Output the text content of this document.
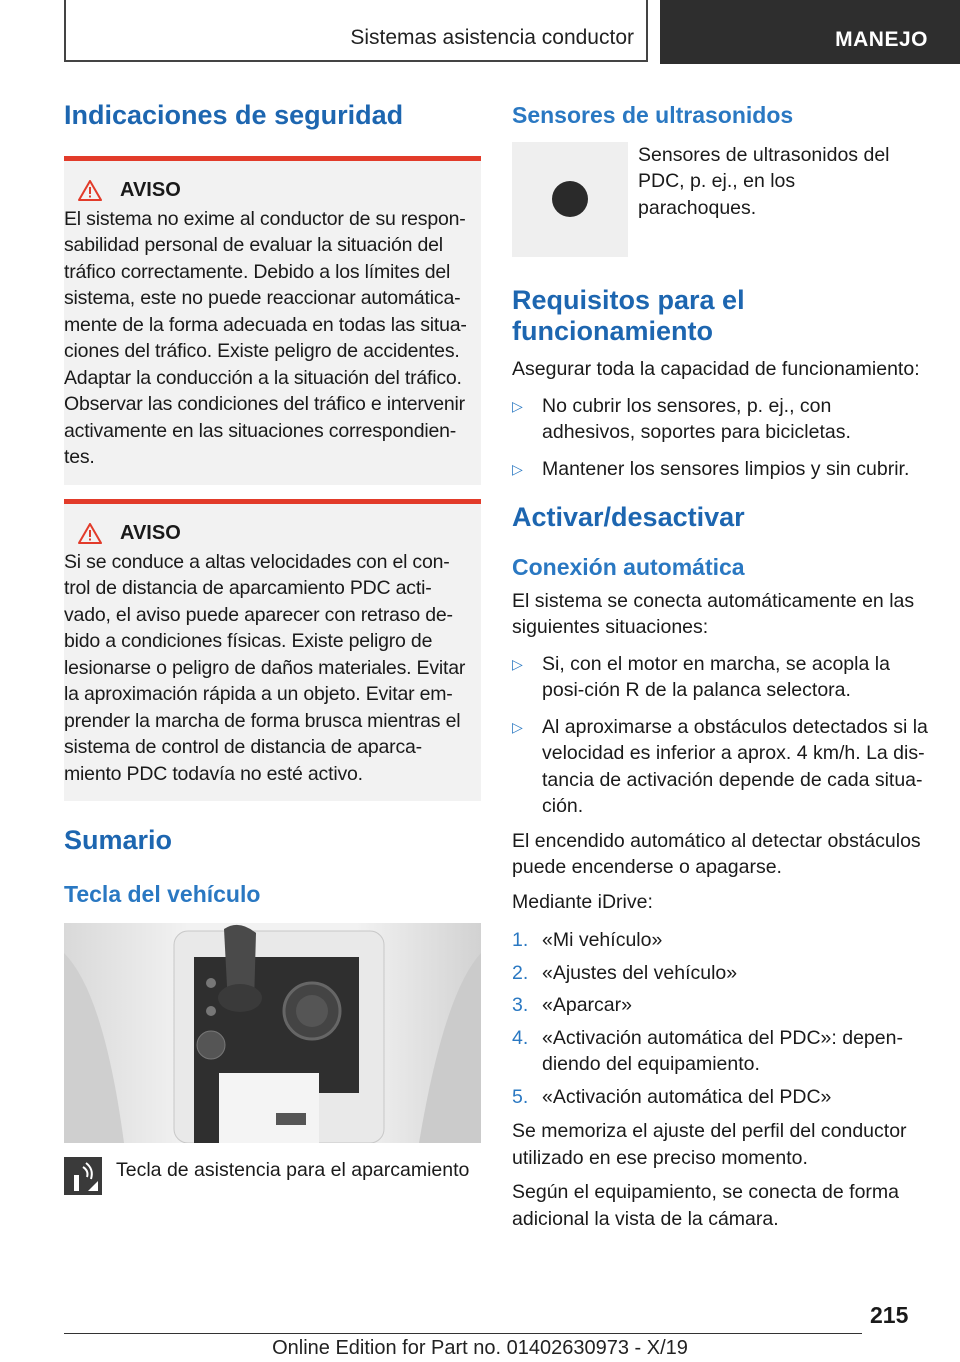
Sistemas asistencia conductor	MANEJO
Indicaciones de seguridad
AVISO

El sistema no exime al conductor de su respon-sabilidad personal de evaluar la situación del tráfico correctamente. Debido a los límites del sistema, este no puede reaccionar automática-mente de la forma adecuada en todas las situa-ciones del tráfico. Existe peligro de accidentes. Adaptar la conducción a la situación del tráfico. Observar las condiciones del tráfico e intervenir activamente en las situaciones correspondien-tes.

AVISO

Si se conduce a altas velocidades con el con-trol de distancia de aparcamiento PDC acti-vado, el aviso puede aparecer con retraso de-bido a condiciones físicas. Existe peligro de lesionarse o peligro de daños materiales. Evitar la aproximación rápida a un objeto. Evitar em-prender la marcha de forma brusca mientras el sistema de control de distancia de aparca-miento PDC todavía no esté activo.

Sumario
Tecla del vehículo

Tecla de asistencia para el aparcamiento

Sensores de ultrasonidos

Sensores de ultrasonidos del PDC, p. ej., en los parachoques.

Requisitos para el funcionamiento

Asegurar toda la capacidad de funcionamiento:

▷ No cubrir los sensores, p. ej., con adhesivos, soportes para bicicletas.
▷ Mantener los sensores limpios y sin cubrir.
Activar/desactivar
Conexión automática

El sistema se conecta automáticamente en las siguientes situaciones:

▷ Si, con el motor en marcha, se acopla la posi-ción R de la palanca selectora.
▷ Al aproximarse a obstáculos detectados si la velocidad es inferior a aprox. 4 km/h. La dis-tancia de activación depende de cada situa-ción.

El encendido automático al detectar obstáculos puede encenderse o apagarse.

Mediante iDrive:

1. «Mi vehículo»
2. «Ajustes del vehículo»
3. «Aparcar»
4. «Activación automática del PDC»: depen-diendo del equipamiento.
5. «Activación automática del PDC»

Se memoriza el ajuste del perfil del conductor utilizado en ese preciso momento.

Según el equipamiento, se conecta de forma adicional la vista de la cámara.

215
Online Edition for Part no. 01402630973 - X/19
